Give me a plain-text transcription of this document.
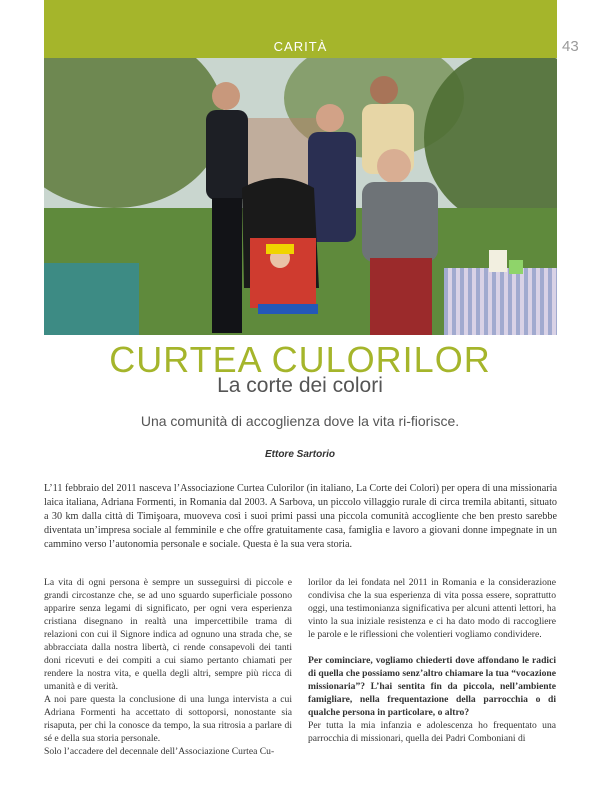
CARITÀ	43
CURTEA CULORILOR
La corte dei colori
Una comunità di accoglienza dove la vita ri-fiorisce.
Ettore Sartorio

L’11 febbraio del 2011 nasceva l’Associazione Curtea Culorilor (in italiano, La Corte dei Colori) per opera di una missionaria laica italiana, Adriana Formenti, in Romania dal 2003. A Sarbova, un piccolo villaggio rurale di circa tremila abitanti, situato a 30 km dalla città di Timişoara, muoveva così i suoi primi passi una piccola comunità accogliente che ben presto sarebbe diventata un’impresa sociale al femminile e che offre gratuitamente casa, famiglia e lavoro a giovani donne impegnate in un cammino verso l’autonomia personale e sociale. Questa è la sua vera storia.

La vita di ogni persona è sempre un susseguirsi di piccole e grandi circostanze che, se ad uno sguardo superficiale possono apparire senza legami di significato, per ogni vera esperienza cristiana disegnano in realtà una impercettibile trama di relazioni con cui il Signore indica ad ognuno una strada che, se abbracciata dalla nostra libertà, ci rende consapevoli dei tanti doni ricevuti e dei compiti a cui siamo pertanto chiamati per rendere la nostra vita, e quella degli altri, sempre più ricca di umanità e di verità.

A noi pare questa la conclusione di una lunga intervista a cui Adriana Formenti ha accettato di sottoporsi, nonostante sia risaputa, per chi la conosce da tempo, la sua ritrosia a parlare di sé e della sua storia personale.

Solo l’accadere del decennale dell’Associazione Curtea Cu-

lorilor da lei fondata nel 2011 in Romania e la considerazione condivisa che la sua esperienza di vita possa essere, soprattutto oggi, una testimonianza significativa per alcuni attenti lettori, ha vinto la sua iniziale resistenza e ci ha dato modo di raccogliere le parole e le riflessioni che volentieri vogliamo condividere.

Per cominciare, vogliamo chiederti dove affondano le radici di quella che possiamo senz’altro chiamare la tua “vocazione missionaria”? L’hai sentita fin da piccola, nell’ambiente famigliare, nella frequentazione della parrocchia o di qualche persona in particolare, o altro?

Per tutta la mia infanzia e adolescenza ho frequentato una parrocchia di missionari, quella dei Padri Comboniani di
